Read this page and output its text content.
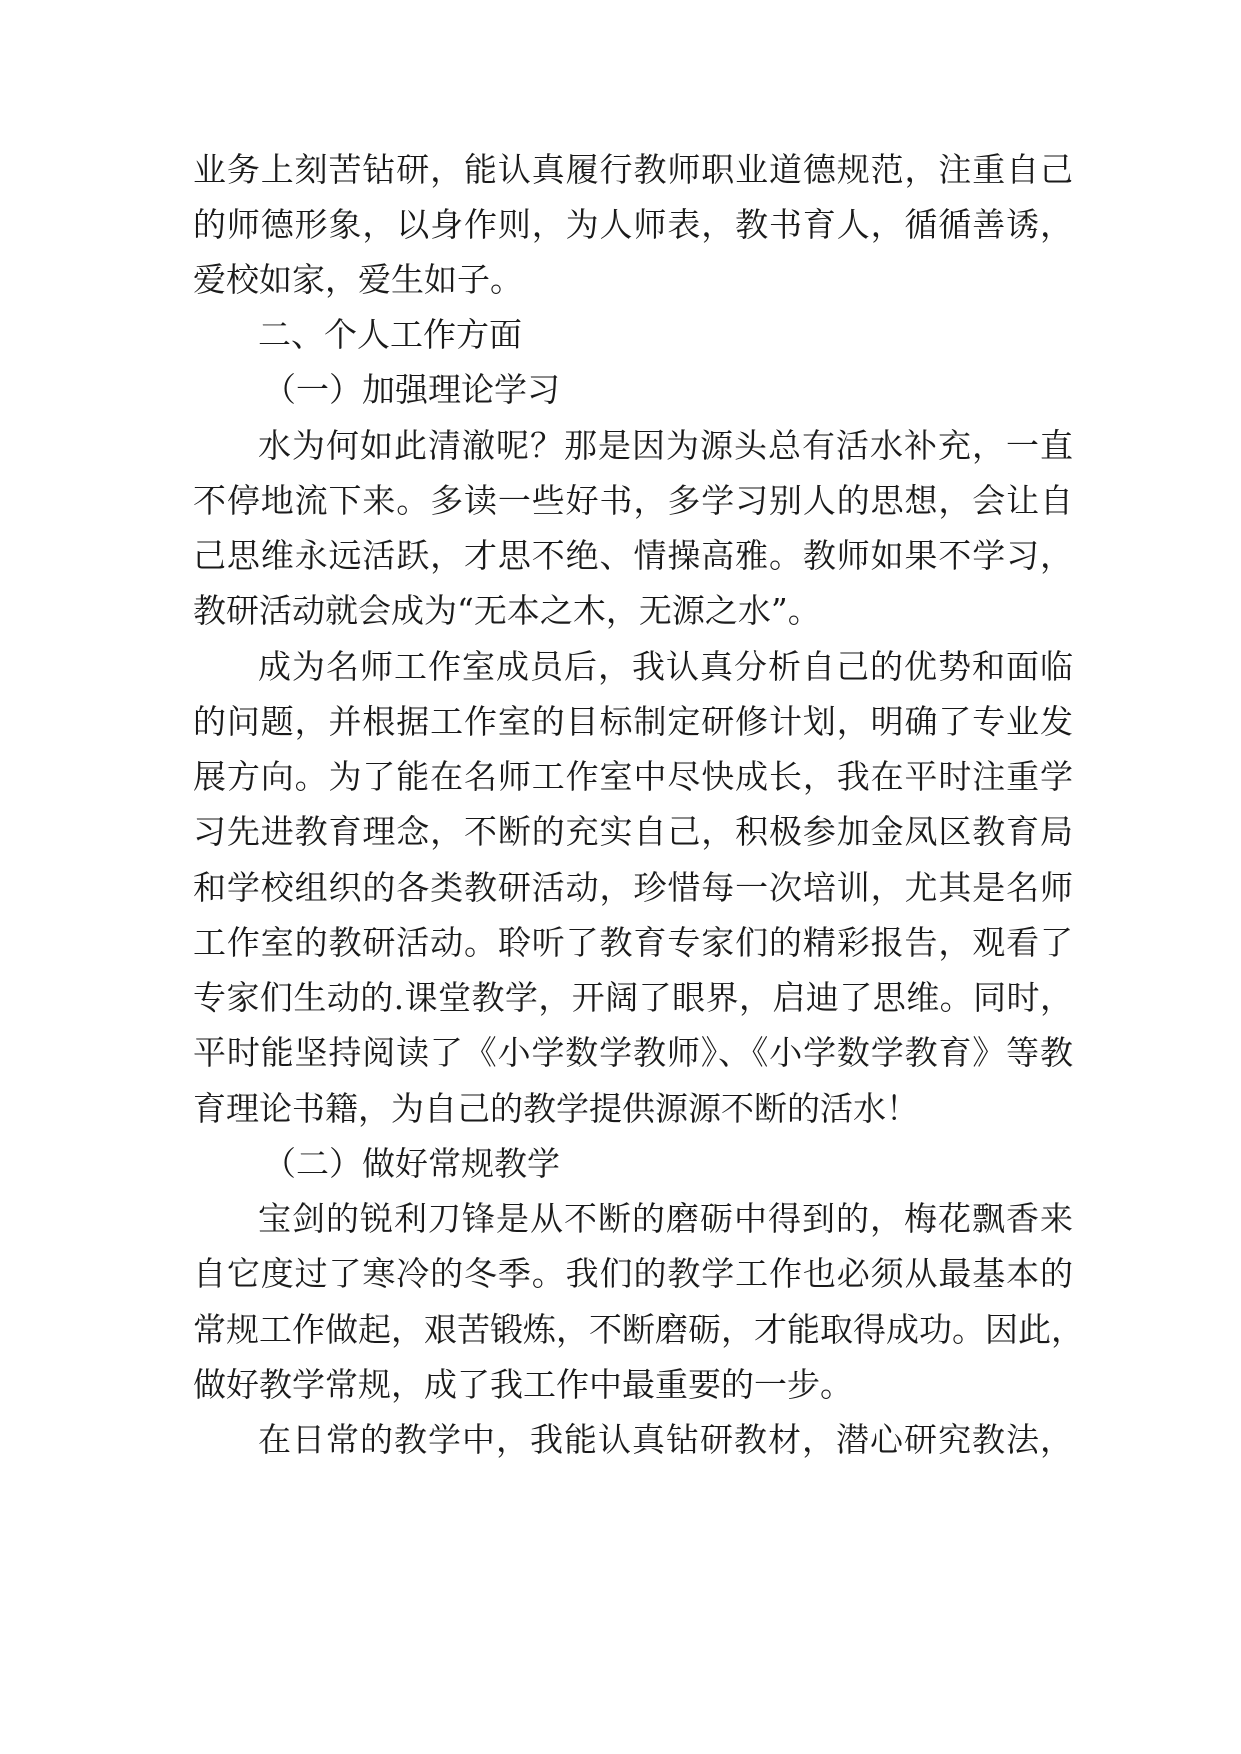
业务上刻苦钻研，能认真履行教师职业道德规范，注重自己
的师德形象，以身作则，为人师表，教书育人，循循善诱，
爱校如家，爱生如子。
二、个人工作方面
（一）加强理论学习
水为何如此清澈呢？那是因为源头总有活水补充，一直
不停地流下来。多读一些好书，多学习别人的思想，会让自
己思维永远活跃，才思不绝、情操高雅。教师如果不学习，
教研活动就会成为“无本之木，无源之水”。
成为名师工作室成员后，我认真分析自己的优势和面临
的问题，并根据工作室的目标制定研修计划，明确了专业发
展方向。为了能在名师工作室中尽快成长，我在平时注重学
习先进教育理念，不断的充实自己，积极参加金凤区教育局
和学校组织的各类教研活动，珍惜每一次培训，尤其是名师
工作室的教研活动。聆听了教育专家们的精彩报告，观看了
专家们生动的.课堂教学，开阔了眼界，启迪了思维。同时，
平时能坚持阅读了《小学数学教师》、《小学数学教育》等教
育理论书籍，为自己的教学提供源源不断的活水！
（二）做好常规教学
宝剑的锐利刀锋是从不断的磨砺中得到的，梅花飘香来
自它度过了寒冷的冬季。我们的教学工作也必须从最基本的
常规工作做起，艰苦锻炼，不断磨砺，才能取得成功。因此，
做好教学常规，成了我工作中最重要的一步。
在日常的教学中，我能认真钻研教材，潜心研究教法，
